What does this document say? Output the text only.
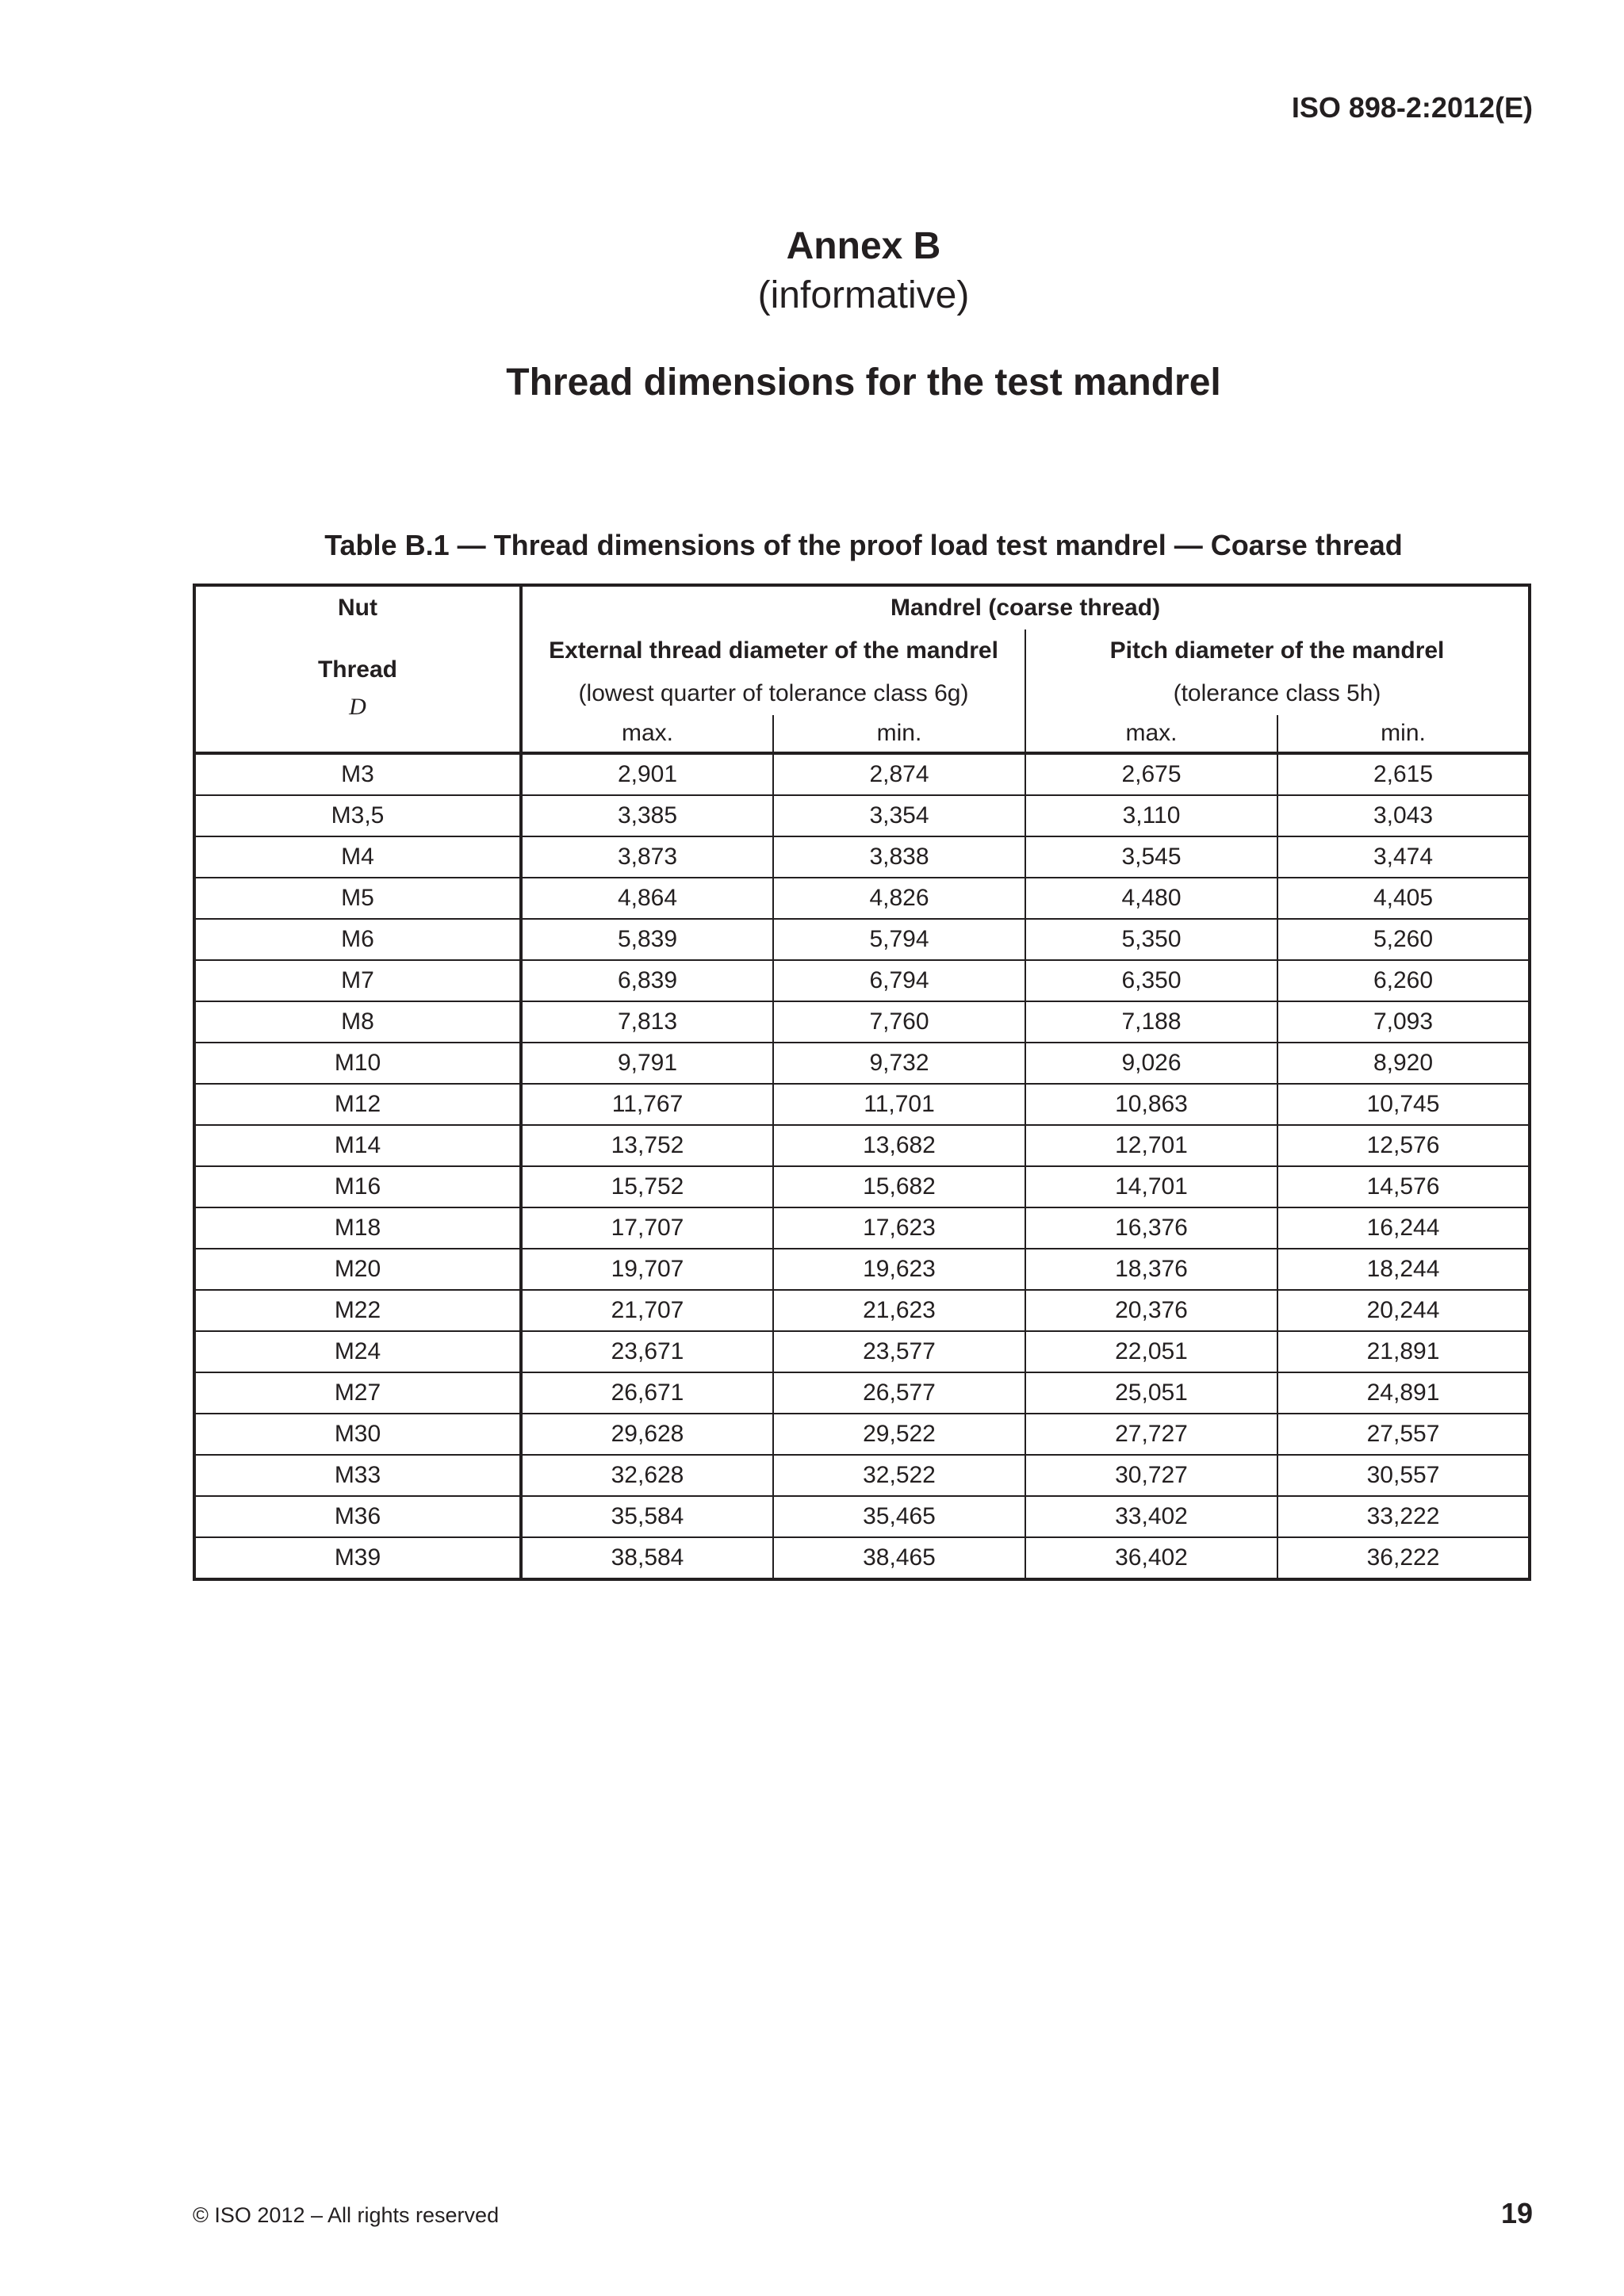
ISO 898-2:2012(E)
Annex B
(informative)
Thread dimensions for the test mandrel
Table B.1 — Thread dimensions of the proof load test mandrel — Coarse thread
Nut
Thread
D	Mandrel (coarse thread)			
	External thread diameter of the mandrel		Pitch diameter of the mandrel	
	(lowest quarter of tolerance class 6g)		(tolerance class 5h)	
	max.	min.	max.	min.
M3	2,901	2,874	2,675	2,615
M3,5	3,385	3,354	3,110	3,043
M4	3,873	3,838	3,545	3,474
M5	4,864	4,826	4,480	4,405
M6	5,839	5,794	5,350	5,260
M7	6,839	6,794	6,350	6,260
M8	7,813	7,760	7,188	7,093
M10	9,791	9,732	9,026	8,920
M12	11,767	11,701	10,863	10,745
M14	13,752	13,682	12,701	12,576
M16	15,752	15,682	14,701	14,576
M18	17,707	17,623	16,376	16,244
M20	19,707	19,623	18,376	18,244
M22	21,707	21,623	20,376	20,244
M24	23,671	23,577	22,051	21,891
M27	26,671	26,577	25,051	24,891
M30	29,628	29,522	27,727	27,557
M33	32,628	32,522	30,727	30,557
M36	35,584	35,465	33,402	33,222
M39	38,584	38,465	36,402	36,222
© ISO 2012 – All rights reserved	19
